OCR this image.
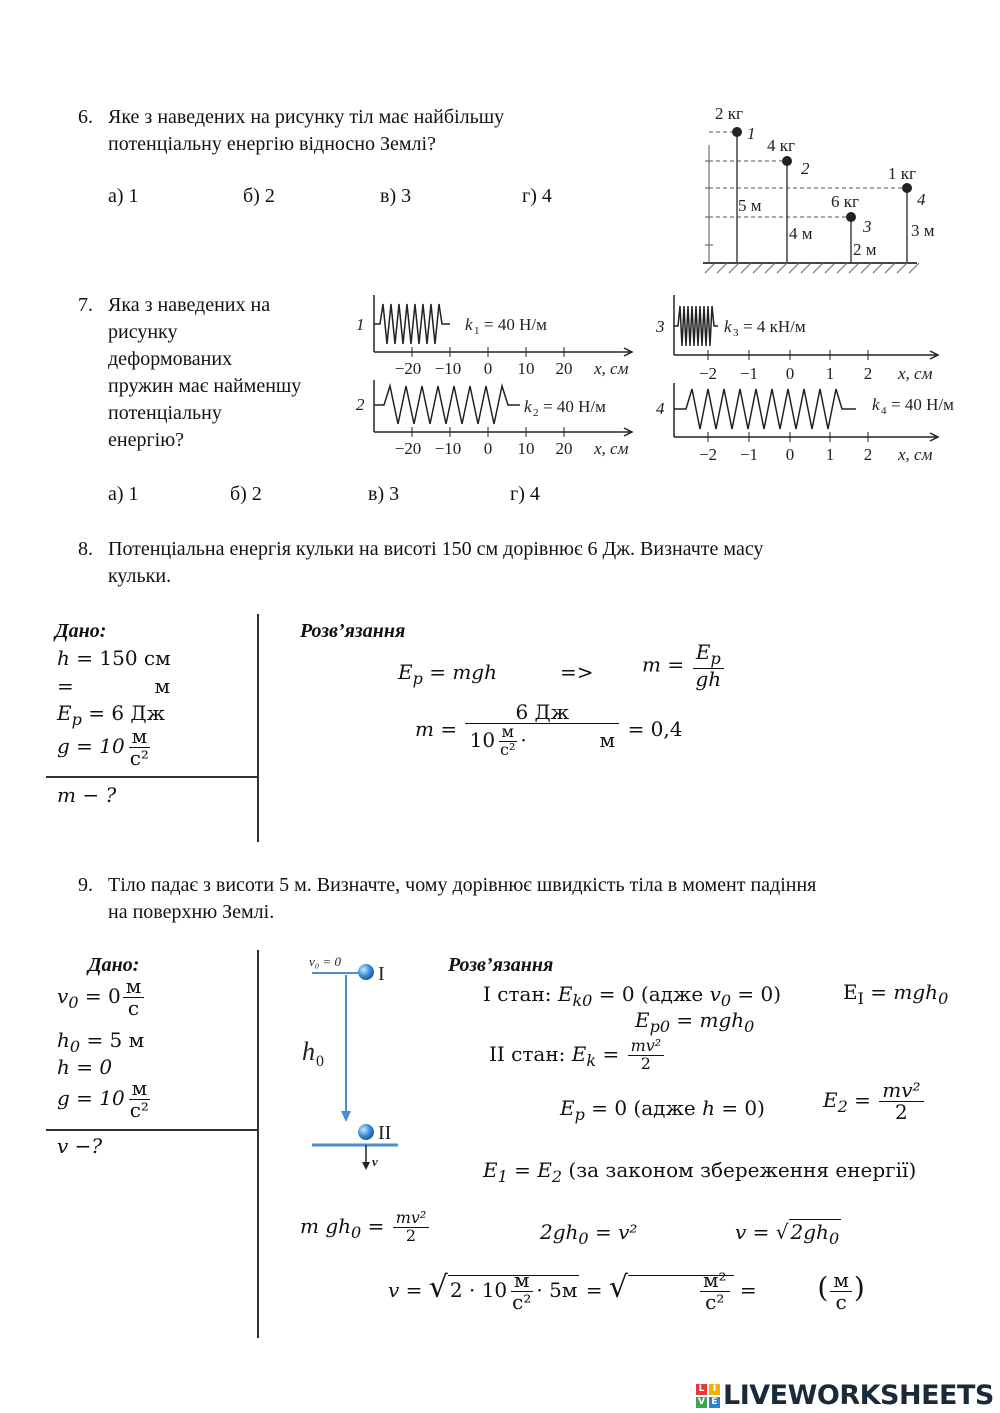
6. Яке з наведених на рисунку тіл має найбільшу
потенціальну енергію відносно Землі?
а) 1	б) 2	в) 3	г) 4
2 кг
1
5 м
4 кг
2
4 м
6 кг
3
2 м
1 кг
4
3 м
7. Яка з наведених на
рисунку
деформованих
пружин має найменшу
потенціальну
енергію?
а) 1	б) 2	в) 3	г) 4
1	k 1 = 40 Н/м
2	k 2 = 40 Н/м
−20 −10 0 10 20
−20 −10 0 10 20
x, см
x, см
3	k 3 = 4 кН/м
4	k 4 = 40 Н/м
−2 −1 0 1 2
−2 −1 0 1 2
x, см
x, см
8. Потенціальна енергія кульки на висоті 150 см дорівнює 6 Дж. Визначте масу
кульки.
Дано:
h = 150 см
=	м
$E_p = 6$ Дж
$g = 10 \frac{м}{\text{с²}}$
m − ?
Розв’язання
$E_p$ = mgh	=> $m = \frac{E_p}{gh}$
m = 6 Дж
$10 \frac{м}{\text{с²}}$ ·	м = 0,4
9. Тіло падає з висоти 5 м. Визначте, чому дорівнює швидкість тіла в момент падіння
на поверхню Землі.
Дано:
$v_0 = 0 \frac{м}{с}$
$h_0 = 5$ м
h = 0
$g = 10 \frac{м}{\text{с²}}$
v −?
v₀ = 0
I
II
h 0
v
Розв’язання
I стан: $E_{k0} = 0$ (адже $v_0 = 0$)	$E_I = mgh_0$
$E_{p0} = mgh_0$
II стан: $E_k = \frac{\text{mv²}}{2}$
$E_p = 0$ (адже h = 0)	$E_2 = \frac{\text{mv²}}{2}$
$E_1 = E_2$ (за законом збереження енергії)
m $gh_0 = \frac{\text{mv²}}{2}$	$2gh_0 = v^2$	v = √ $2gh_0$
v = √ $2 \cdot 10 \frac{м}{\text{с²}} \cdot 5м$ = √	$\frac{\text{м²}}{\text{с²}}$ = ( $\frac{м}{с}$ )
L I
V E LIVEWORKSHEETS
